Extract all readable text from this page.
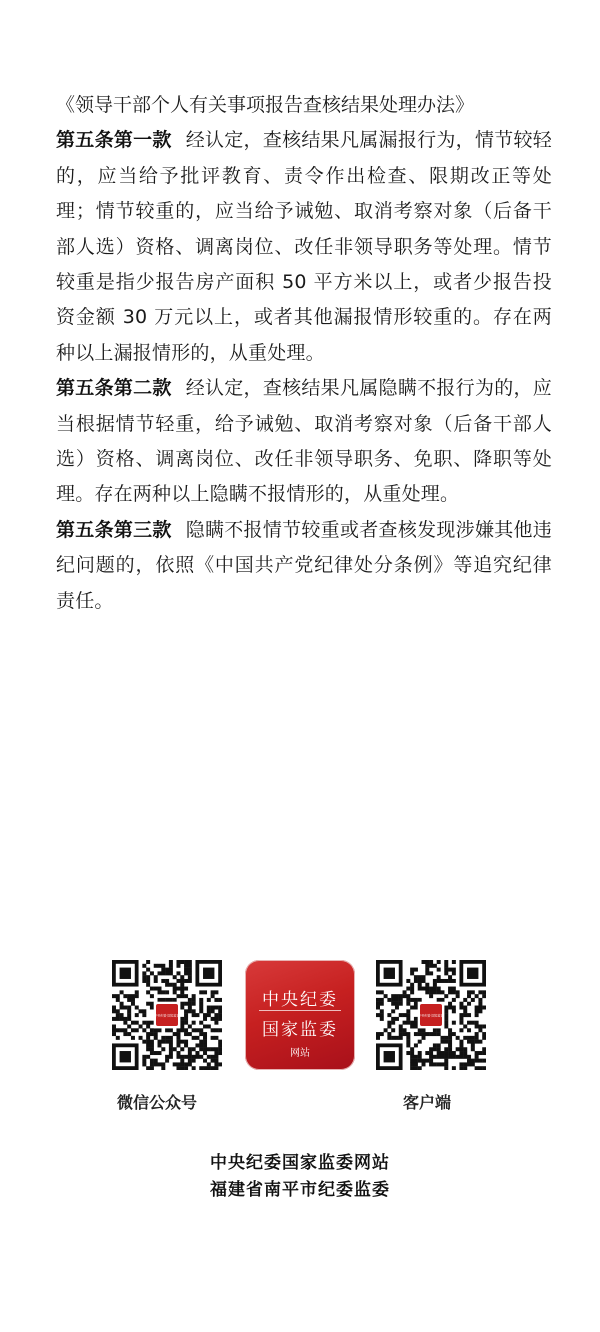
《领导干部个人有关事项报告查核结果处理办法》

第五条第一款 经认定，查核结果凡属漏报行为，情节较轻的，应当给予批评教育、责令作出检查、限期改正等处理；情节较重的，应当给予诫勉、取消考察对象（后备干部人选）资格、调离岗位、改任非领导职务等处理。情节较重是指少报告房产面积 50 平方米以上，或者少报告投资金额 30 万元以上，或者其他漏报情形较重的。存在两种以上漏报情形的，从重处理。

第五条第二款 经认定，查核结果凡属隐瞒不报行为的，应当根据情节轻重，给予诫勉、取消考察对象（后备干部人选）资格、调离岗位、改任非领导职务、免职、降职等处理。存在两种以上隐瞒不报情形的，从重处理。

第五条第三款 隐瞒不报情节较重或者查核发现涉嫌其他违纪问题的，依照《中国共产党纪律处分条例》等追究纪律责任。

中央纪委 国家监委
中央纪委
国家监委
网站
中央纪委 国家监委
微信公众号	客户端
中央纪委国家监委网站
福建省南平市纪委监委
